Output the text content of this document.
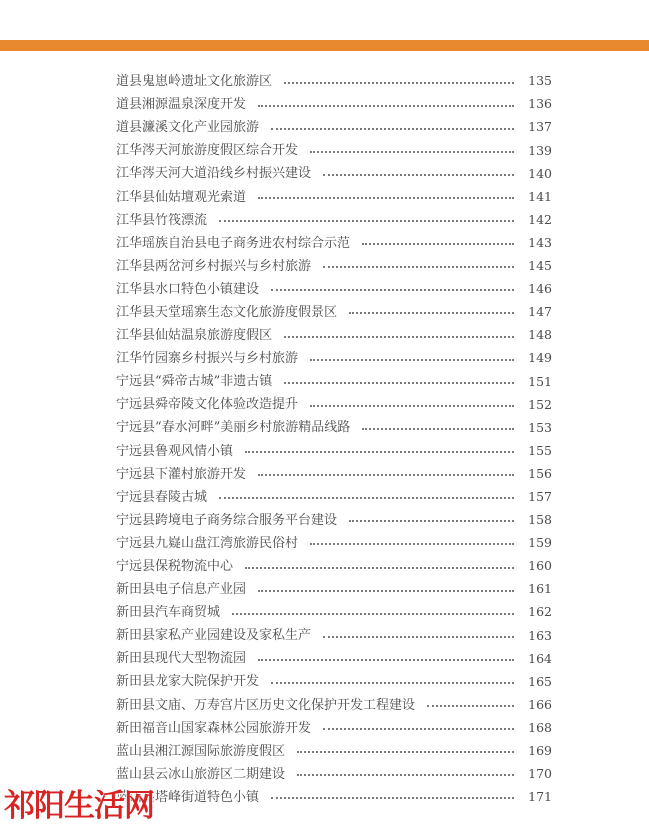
道县鬼崽岭遗址文化旅游区	135
道县湘源温泉深度开发	136
道县濂溪文化产业园旅游	137
江华涔天河旅游度假区综合开发	139
江华涔天河大道沿线乡村振兴建设	140
江华县仙姑壇观光索道	141
江华县竹筏漂流	142
江华瑶族自治县电子商务进农村综合示范	143
江华县两岔河乡村振兴与乡村旅游	145
江华县水口特色小镇建设	146
江华县天堂瑶寨生态文化旅游度假景区	147
江华县仙姑温泉旅游度假区	148
江华竹园寨乡村振兴与乡村旅游	149
宁远县“舜帝古城”非遗古镇	151
宁远县舜帝陵文化体验改造提升	152
宁远县“春水河畔”美丽乡村旅游精品线路	153
宁远县鲁观风情小镇	155
宁远县下灌村旅游开发	156
宁远县春陵古城	157
宁远县跨境电子商务综合服务平台建设	158
宁远县九嶷山盘江湾旅游民俗村	159
宁远县保税物流中心	160
新田县电子信息产业园	161
新田县汽车商贸城	162
新田县家私产业园建设及家私生产	163
新田县现代大型物流园	164
新田县龙家大院保护开发	165
新田县文庙、万寿宫片区历史文化保护开发工程建设	166
新田福音山国家森林公园旅游开发	168
蓝山县湘江源国际旅游度假区	169
蓝山县云冰山旅游区二期建设	170
蓝山县塔峰街道特色小镇	171
祁阳生活网
